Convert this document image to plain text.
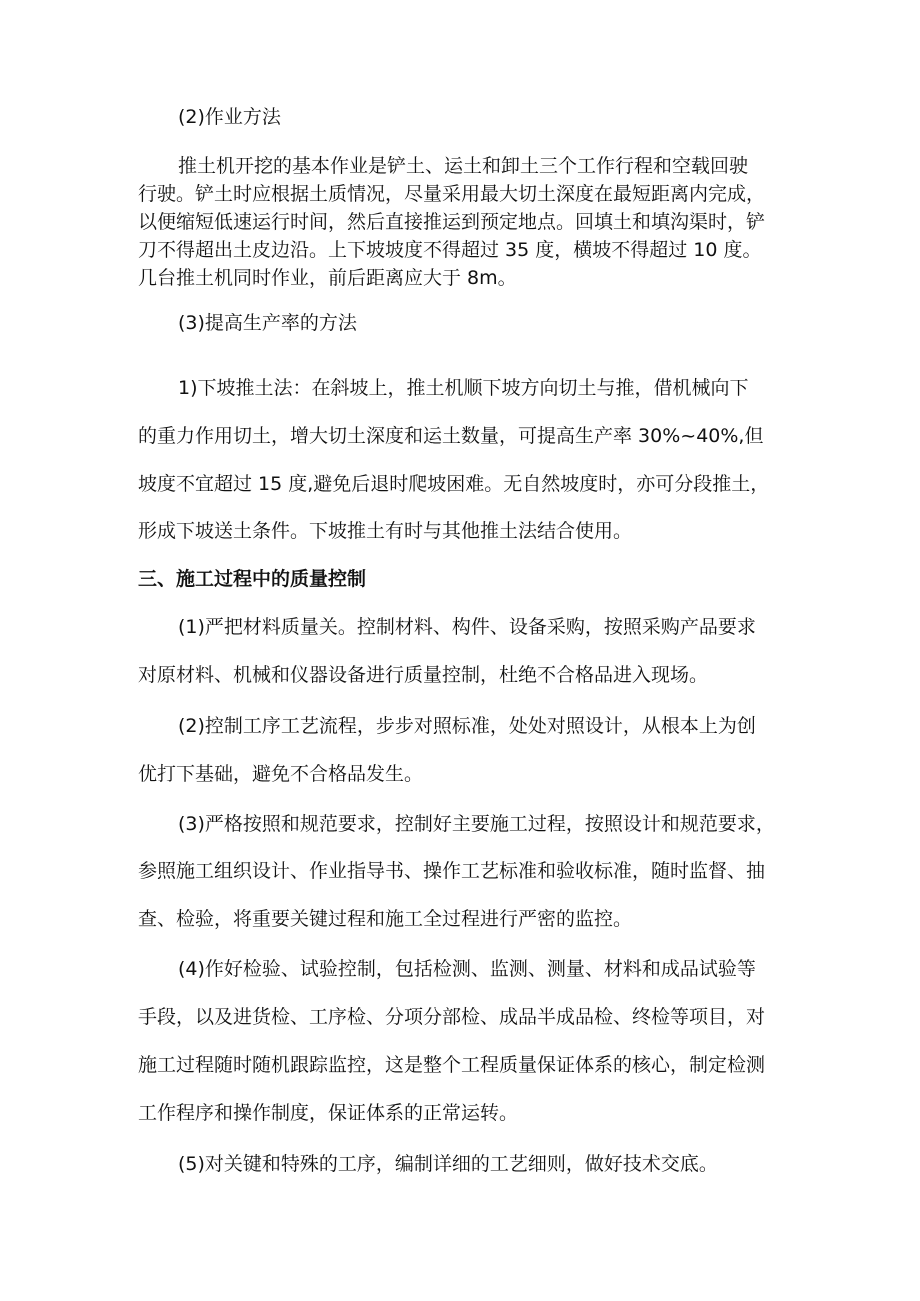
(2)作业方法

推土机开挖的基本作业是铲土、运土和卸土三个工作行程和空载回驶

行驶。铲土时应根据土质情况，尽量采用最大切土深度在最短距离内完成，

以便缩短低速运行时间，然后直接推运到预定地点。回填土和填沟渠时，铲

刀不得超出土皮边沿。上下坡坡度不得超过 35 度，横坡不得超过 10 度。

几台推土机同时作业，前后距离应大于 8m。

(3)提高生产率的方法

1)下坡推土法：在斜坡上，推土机顺下坡方向切土与推，借机械向下

的重力作用切土，增大切土深度和运土数量，可提高生产率 30%~40%,但

坡度不宜超过 15 度,避免后退时爬坡困难。无自然坡度时，亦可分段推土，

形成下坡送土条件。下坡推土有时与其他推土法结合使用。

三、施工过程中的质量控制

(1)严把材料质量关。控制材料、构件、设备采购，按照采购产品要求

对原材料、机械和仪器设备进行质量控制，杜绝不合格品进入现场。

(2)控制工序工艺流程，步步对照标准，处处对照设计，从根本上为创

优打下基础，避免不合格品发生。

(3)严格按照和规范要求，控制好主要施工过程，按照设计和规范要求，

参照施工组织设计、作业指导书、操作工艺标准和验收标准，随时监督、抽

查、检验，将重要关键过程和施工全过程进行严密的监控。

(4)作好检验、试验控制，包括检测、监测、测量、材料和成品试验等

手段，以及进货检、工序检、分项分部检、成品半成品检、终检等项目，对

施工过程随时随机跟踪监控，这是整个工程质量保证体系的核心，制定检测

工作程序和操作制度，保证体系的正常运转。

(5)对关键和特殊的工序，编制详细的工艺细则，做好技术交底。
